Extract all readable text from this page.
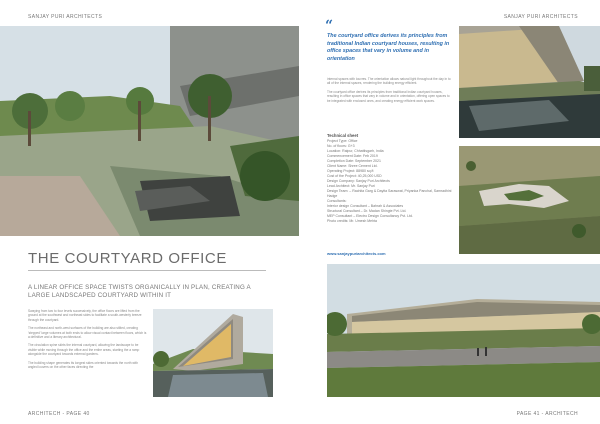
SANJAY PURI ARCHITECTS	SANJAY PURI ARCHITECTS
THE COURTYARD OFFICE
A LINEAR OFFICE SPACE TWISTS ORGANICALLY IN PLAN, CREATING A LARGE LANDSCAPED COURTYARD WITHIN IT

Swaying from two to four levels successively, the office floors are lifted from the ground at the southwest and northeast sides to facilitate a south-westerly breeze through the courtyard.

The northeast and north-west surfaces of the building are also stilted, creating 'stepped' large volumes at both ends to allow visual contact between floors, which is a definitive and a literary architectural.

The circulation spine skirts the internal courtyard, allowing the landscape to be visible while moving through the office and the entire areas, starting the a ramp alongside the courtyard towards external gardens.

The building shape generates its longest sides oriented towards the north with angled louvers on the other faces directing the

ARCHITECH - PAGE 40
“
The courtyard office derives its principles from traditional Indian courtyard houses, resulting in office spaces that vary in volume and in orientation

internal spaces with louvres. The orientation allows natural light throughout the day in to all of the internal spaces, rendering the building energy efficient.

The courtyard office derives its principles from traditional Indian courtyard houses, resulting in office spaces that vary in volume and in orientation, offering open spaces to be integrated with enclosed ones, and creating energy efficient work spaces.

Technical sheet
Project Type: Office
No. of floors: G+3
Location: Raipur, Chhattisgarh, India
Commencement Date: Feb 2019
Completion Date: September 2021
Client Name: Shree Cement Ltd.
Operating Project: 88980 sq.ft
Cost of the Project: 40,25,000 USD
Design Company: Sanjay Puri Architects
Lead Architect: Mr. Sanjay Puri
Design Team: – Rachita Garg & Dayita Saraswat, Priyanka Panchal, Samradhini Hadge
Consultants:
Interior design Consultant – Bahrah & Associates
Structural Consultant – Dr. Madan Shingte Pvt. Ltd.
MEP Consultant – Electro Design Consultancy Pvt. Ltd.
Photo credits: Mr. Umesh Mehta
www.sanjaypuriarchitects.com
PAGE 41 - ARCHITECH
